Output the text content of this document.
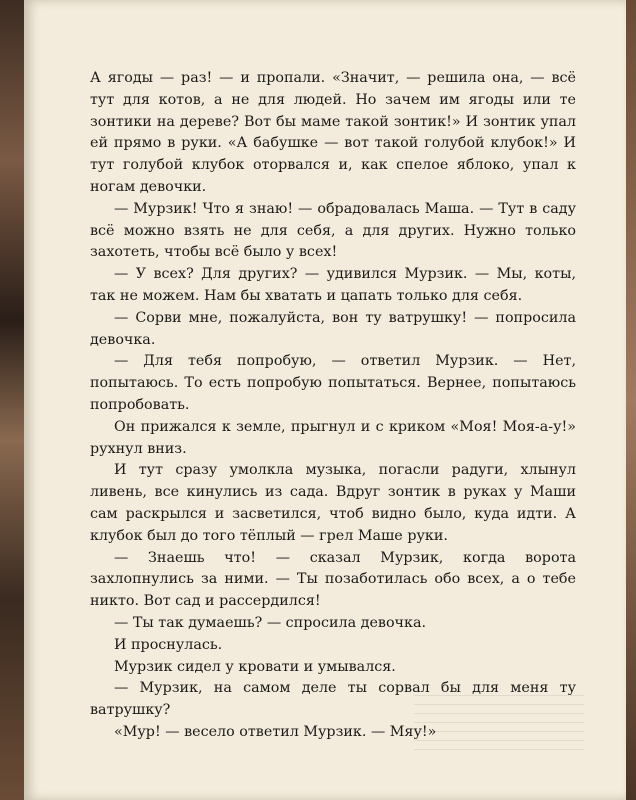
А ягоды — раз! — и пропали. «Значит, — решила она, — всё тут для котов, а не для людей. Но зачем им ягоды или те зонтики на дереве? Вот бы маме такой зонтик!» И зонтик упал ей прямо в руки. «А бабушке — вот такой голубой клубок!» И тут голубой клубок оторвался и, как спелое яблоко, упал к ногам девочки.

— Мурзик! Что я знаю! — обрадовалась Маша. — Тут в саду всё можно взять не для себя, а для других. Нужно только захотеть, чтобы всё было у всех!

— У всех? Для других? — удивился Мурзик. — Мы, коты, так не можем. Нам бы хватать и цапать только для себя.

— Сорви мне, пожалуйста, вон ту ватрушку! — попросила девочка.

— Для тебя попробую, — ответил Мурзик. — Нет, попытаюсь. То есть попробую попытаться. Вернее, попытаюсь попробовать.

Он прижался к земле, прыгнул и с криком «Моя! Моя-а-у!» рухнул вниз.

И тут сразу умолкла музыка, погасли радуги, хлынул ливень, все кинулись из сада. Вдруг зонтик в руках у Маши сам раскрылся и засветился, чтоб видно было, куда идти. А клубок был до того тёплый — грел Маше руки.

— Знаешь что! — сказал Мурзик, когда ворота захлопнулись за ними. — Ты позаботилась обо всех, а о тебе никто. Вот сад и рассердился!

— Ты так думаешь? — спросила девочка.

И проснулась.

Мурзик сидел у кровати и умывался.

— Мурзик, на самом деле ты сорвал бы для меня ту ватрушку?

«Мур! — весело ответил Мурзик. — Мяу!»
